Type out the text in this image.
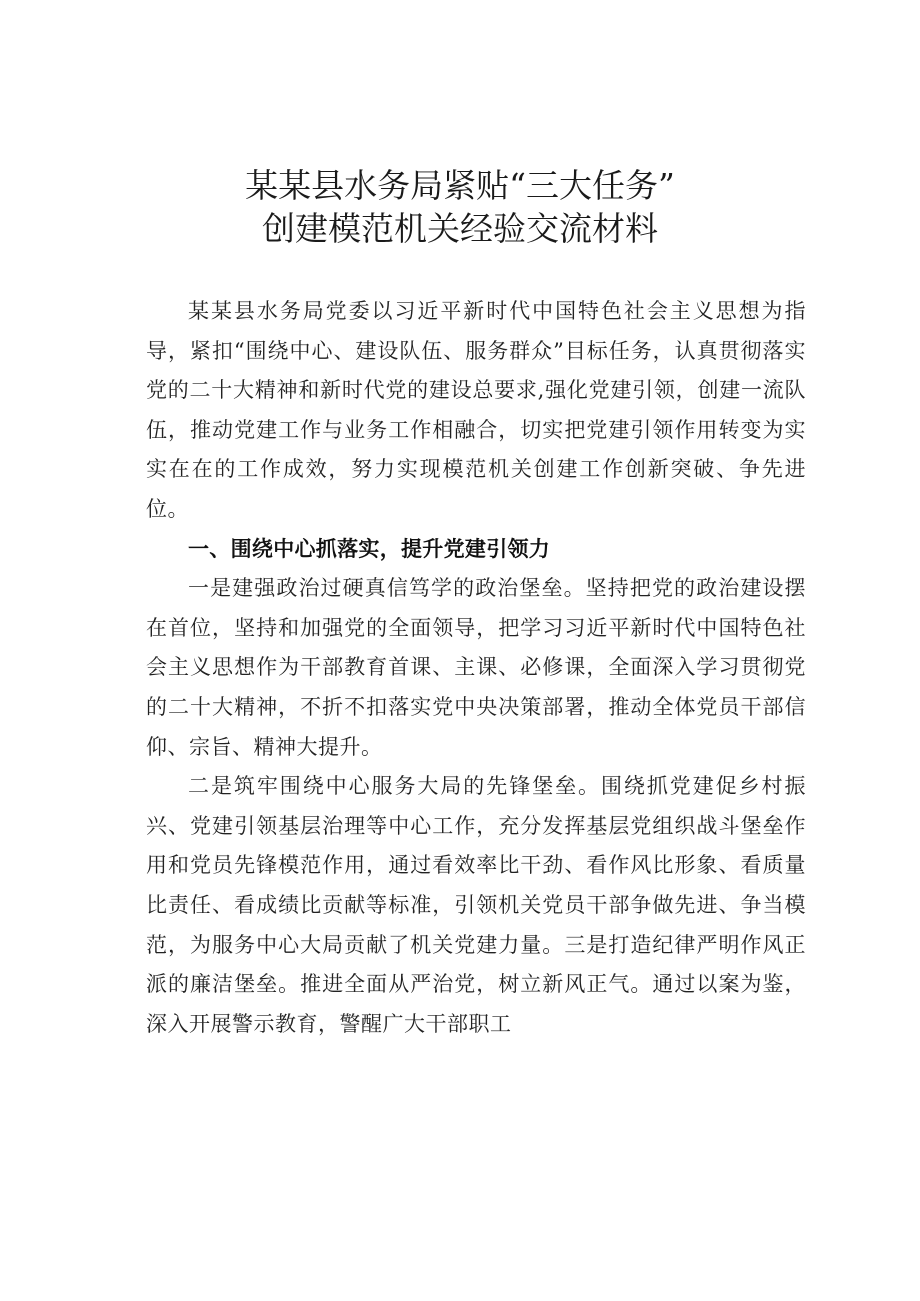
某某县水务局紧贴“三大任务”
创建模范机关经验交流材料

某某县水务局党委以习近平新时代中国特色社会主义思想为指导，紧扣“围绕中心、建设队伍、服务群众”目标任务，认真贯彻落实党的二十大精神和新时代党的建设总要求,强化党建引领，创建一流队伍，推动党建工作与业务工作相融合，切实把党建引领作用转变为实实在在的工作成效，努力实现模范机关创建工作创新突破、争先进位。

一、围绕中心抓落实，提升党建引领力

一是建强政治过硬真信笃学的政治堡垒。坚持把党的政治建设摆在首位，坚持和加强党的全面领导，把学习习近平新时代中国特色社会主义思想作为干部教育首课、主课、必修课，全面深入学习贯彻党的二十大精神，不折不扣落实党中央决策部署，推动全体党员干部信仰、宗旨、精神大提升。

二是筑牢围绕中心服务大局的先锋堡垒。围绕抓党建促乡村振兴、党建引领基层治理等中心工作，充分发挥基层党组织战斗堡垒作用和党员先锋模范作用，通过看效率比干劲、看作风比形象、看质量比责任、看成绩比贡献等标准，引领机关党员干部争做先进、争当模范，为服务中心大局贡献了机关党建力量。三是打造纪律严明作风正派的廉洁堡垒。推进全面从严治党，树立新风正气。通过以案为鉴，深入开展警示教育，警醒广大干部职工
